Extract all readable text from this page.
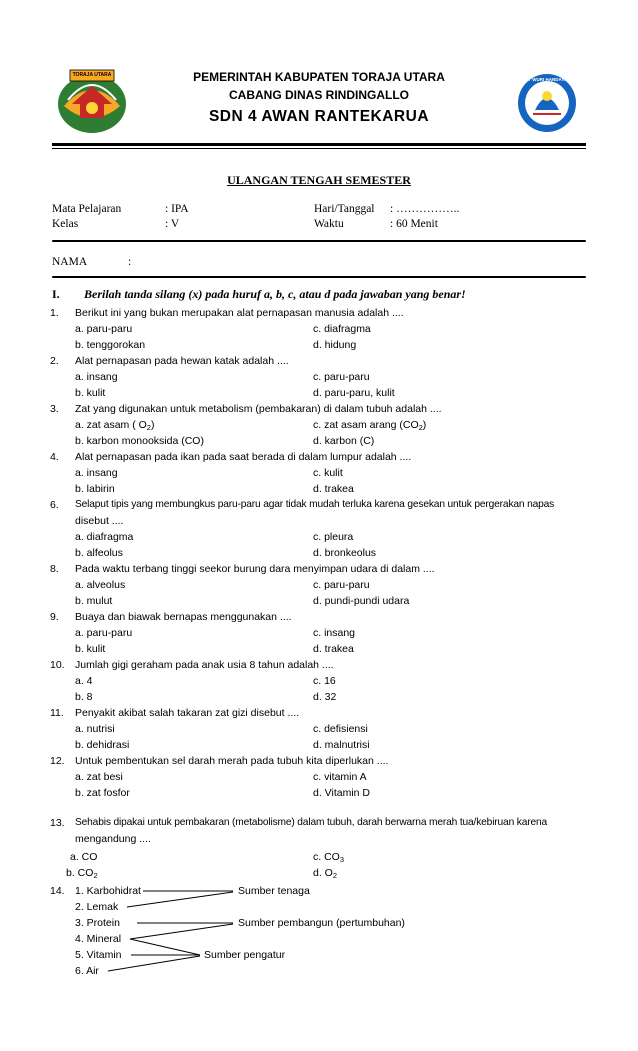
TORAJA UTARA
TUT WURI HANDAYANI
PEMERINTAH KABUPATEN TORAJA UTARA
CABANG DINAS RINDINGALLO
SDN 4 AWAN RANTEKARUA
ULANGAN TENGAH SEMESTER
Mata Pelajaran	: IPA	Hari/Tanggal : ……………..
Kelas	: V	Waktu	: 60 Menit
NAMA	:
I. Berilah tanda silang (x) pada huruf a, b, c, atau d pada jawaban yang benar!
1. Berikut ini yang bukan merupakan alat pernapasan manusia adalah ....
a. paru-paru	c. diafragma
b. tenggorokan	d. hidung
2. Alat pernapasan pada hewan katak adalah ....
a. insang	c. paru-paru
b. kulit	d. paru-paru, kulit
3. Zat yang digunakan untuk metabolism (pembakaran) di dalam tubuh adalah ....
a. zat asam ( $O_2$)	c. zat asam arang $(CO_2)$
b. karbon monooksida (CO)	d. karbon (C)
4. Alat pernapasan pada ikan pada saat berada di dalam lumpur adalah ....
a. insang	c. kulit
b. labirin	d. trakea
6. Selaput tipis yang membungkus paru-paru agar tidak mudah terluka karena gesekan untuk pergerakan napas
disebut ....
a. diafragma	c. pleura
b. alfeolus	d. bronkeolus
8. Pada waktu terbang tinggi seekor burung dara menyimpan udara di dalam ....
a. alveolus	c. paru-paru
b. mulut	d. pundi-pundi udara
9. Buaya dan biawak bernapas menggunakan ....
a. paru-paru	c. insang
b. kulit	d. trakea
10. Jumlah gigi geraham pada anak usia 8 tahun adalah ....
a. 4	c. 16
b. 8	d. 32
11. Penyakit akibat salah takaran zat gizi disebut ....
a. nutrisi	c. defisiensi
b. dehidrasi	d. malnutrisi
12. Untuk pembentukan sel darah merah pada tubuh kita diperlukan ....
a. zat besi	c. vitamin A
b. zat fosfor	d. Vitamin D
13. Sehabis dipakai untuk pembakaran (metabolisme) dalam tubuh, darah berwarna merah tua/kebiruan karena
mengandung ....
a. CO	c. $CO_3$
b. $CO_2$	d. $O_2$
14. 1. Karbohidrat
2. Lemak
3. Protein
4. Mineral
5. Vitamin
6. Air
Sumber tenaga
Sumber pembangun (pertumbuhan)
Sumber pengatur
